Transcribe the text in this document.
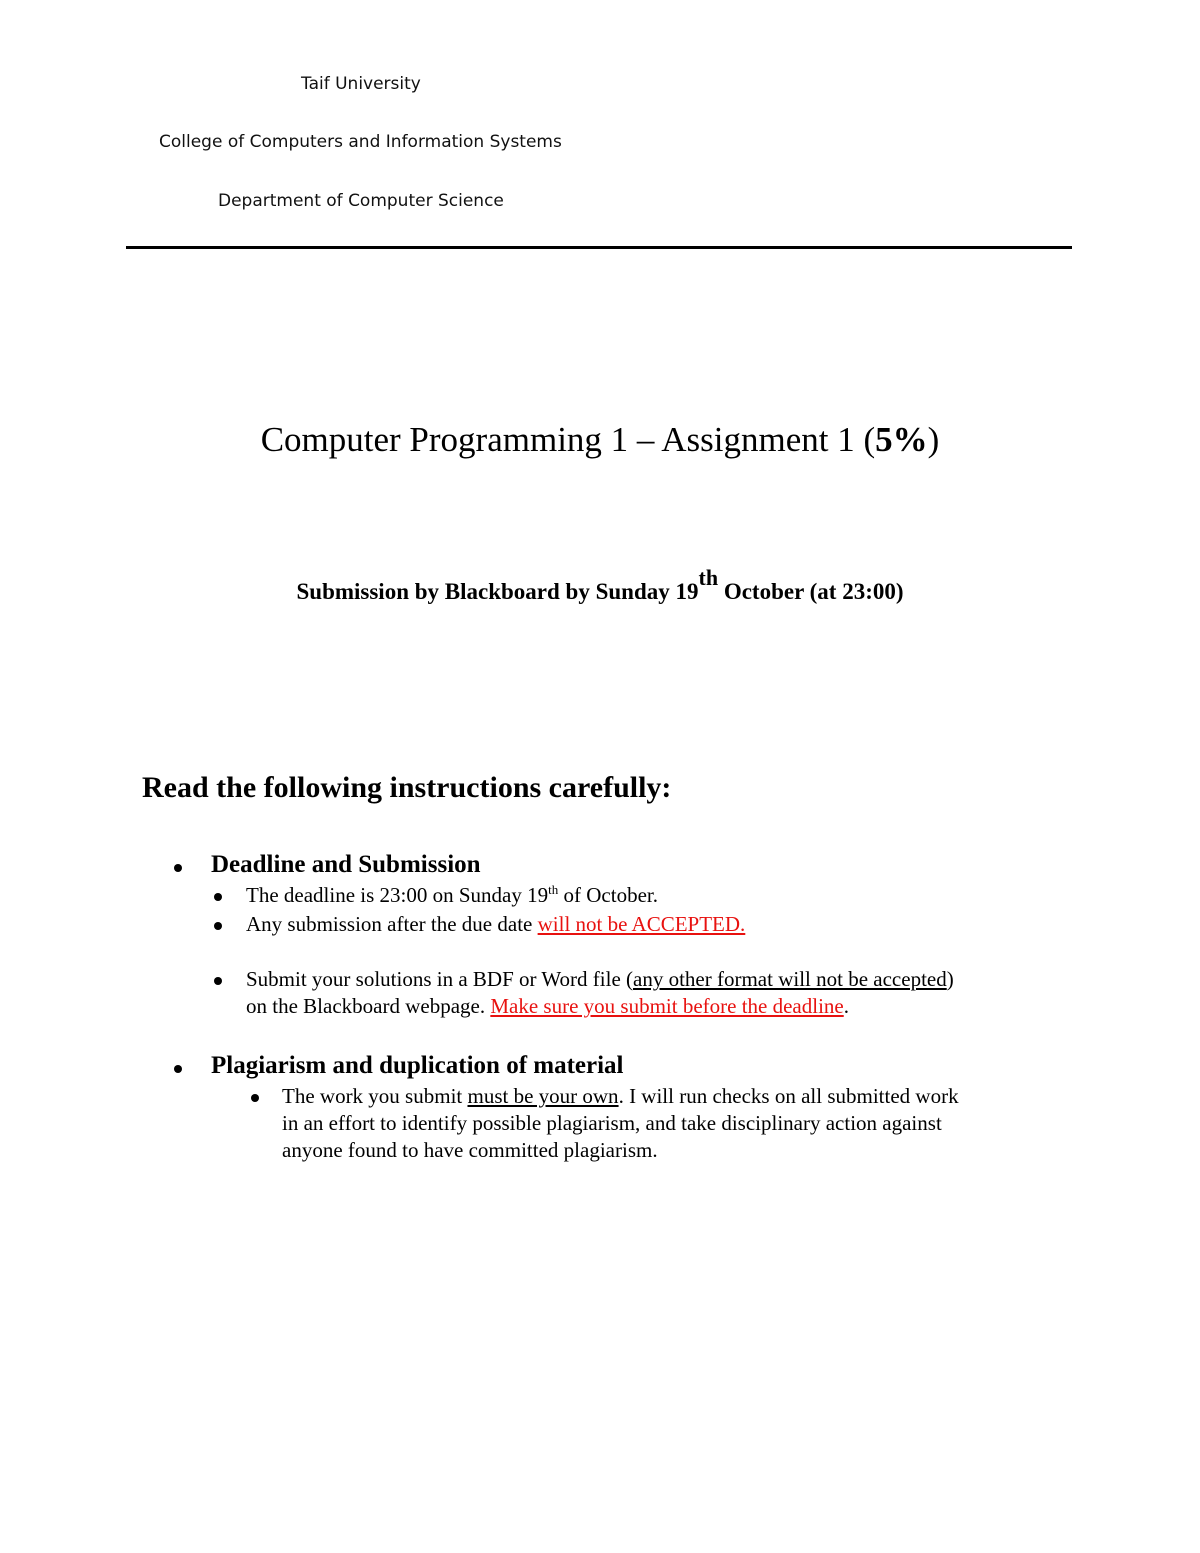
Taif University
College of Computers and Information Systems
Department of Computer Science
Computer Programming 1 – Assignment 1 (5%)
Submission by Blackboard by Sunday 19th October (at 23:00)
Read the following instructions carefully:
Deadline and Submission
The deadline is 23:00 on Sunday 19th of October.
Any submission after the due date will not be ACCEPTED.
Submit your solutions in a BDF or Word file (any other format will not be accepted)
on the Blackboard webpage. Make sure you submit before the deadline.
Plagiarism and duplication of material
The work you submit must be your own. I will run checks on all submitted work
in an effort to identify possible plagiarism, and take disciplinary action against
anyone found to have committed plagiarism.
